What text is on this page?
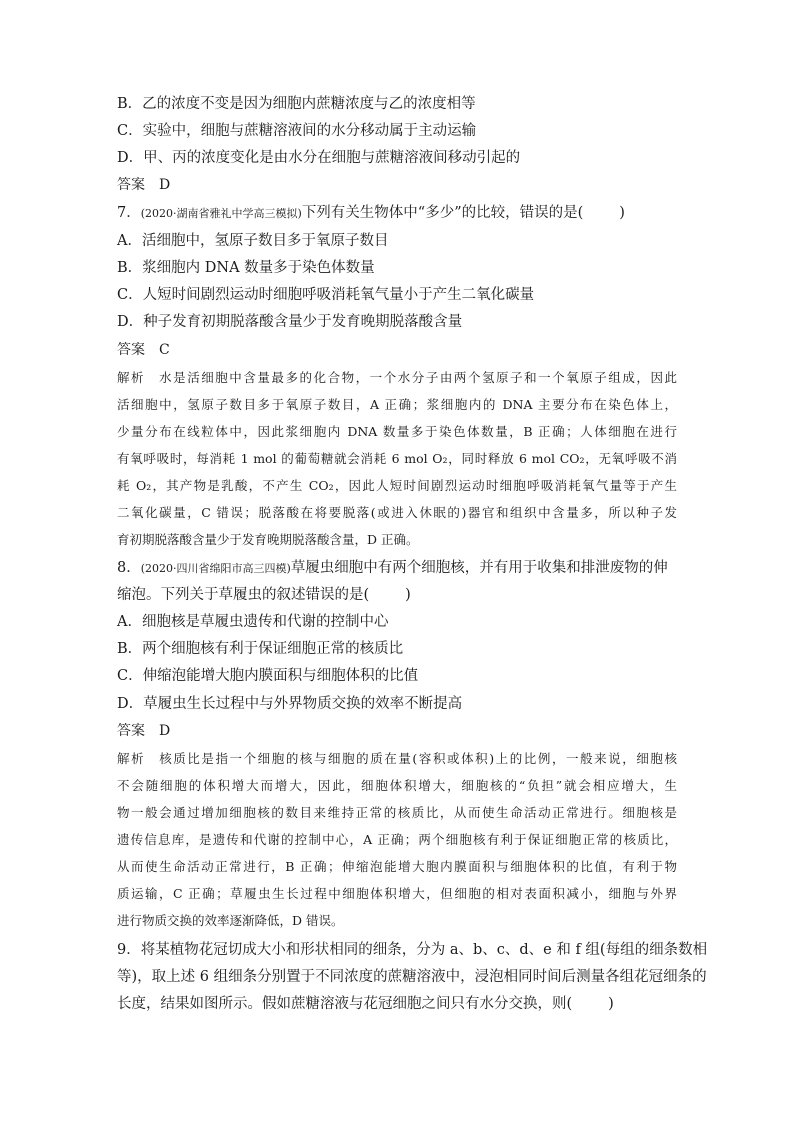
B．乙的浓度不变是因为细胞内蔗糖浓度与乙的浓度相等
C．实验中，细胞与蔗糖溶液间的水分移动属于主动运输
D．甲、丙的浓度变化是由水分在细胞与蔗糖溶液间移动引起的
答案　D
7．(2020·湖南省雅礼中学高三模拟)下列有关生物体中“多少”的比较，错误的是( )
A．活细胞中，氢原子数目多于氧原子数目
B．浆细胞内 DNA 数量多于染色体数量
C．人短时间剧烈运动时细胞呼吸消耗氧气量小于产生二氧化碳量
D．种子发育初期脱落酸含量少于发育晚期脱落酸含量
答案　C
解析　水是活细胞中含量最多的化合物，一个水分子由两个氢原子和一个氧原子组成，因此
活细胞中，氢原子数目多于氧原子数目，A 正确；浆细胞内的 DNA 主要分布在染色体上，
少量分布在线粒体中，因此浆细胞内 DNA 数量多于染色体数量，B 正确；人体细胞在进行
有氧呼吸时，每消耗 1 mol 的葡萄糖就会消耗 6 mol O₂，同时释放 6 mol CO₂，无氧呼吸不消
耗 O₂，其产物是乳酸，不产生 CO₂，因此人短时间剧烈运动时细胞呼吸消耗氧气量等于产生
二氧化碳量，C 错误；脱落酸在将要脱落(或进入休眠的)器官和组织中含量多，所以种子发
育初期脱落酸含量少于发育晚期脱落酸含量，D 正确。
8．(2020·四川省绵阳市高三四模)草履虫细胞中有两个细胞核，并有用于收集和排泄废物的伸
缩泡。下列关于草履虫的叙述错误的是( )
A．细胞核是草履虫遗传和代谢的控制中心
B．两个细胞核有利于保证细胞正常的核质比
C．伸缩泡能增大胞内膜面积与细胞体积的比值
D．草履虫生长过程中与外界物质交换的效率不断提高
答案　D
解析　核质比是指一个细胞的核与细胞的质在量(容积或体积)上的比例，一般来说，细胞核
不会随细胞的体积增大而增大，因此，细胞体积增大，细胞核的“负担”就会相应增大，生
物一般会通过增加细胞核的数目来维持正常的核质比，从而使生命活动正常进行。细胞核是
遗传信息库，是遗传和代谢的控制中心，A 正确；两个细胞核有利于保证细胞正常的核质比，
从而使生命活动正常进行，B 正确；伸缩泡能增大胞内膜面积与细胞体积的比值，有利于物
质运输，C 正确；草履虫生长过程中细胞体积增大，但细胞的相对表面积减小，细胞与外界
进行物质交换的效率逐渐降低，D 错误。
9．将某植物花冠切成大小和形状相同的细条，分为 a、b、c、d、e 和 f 组(每组的细条数相
等)，取上述 6 组细条分别置于不同浓度的蔗糖溶液中，浸泡相同时间后测量各组花冠细条的
长度，结果如图所示。假如蔗糖溶液与花冠细胞之间只有水分交换，则( )
